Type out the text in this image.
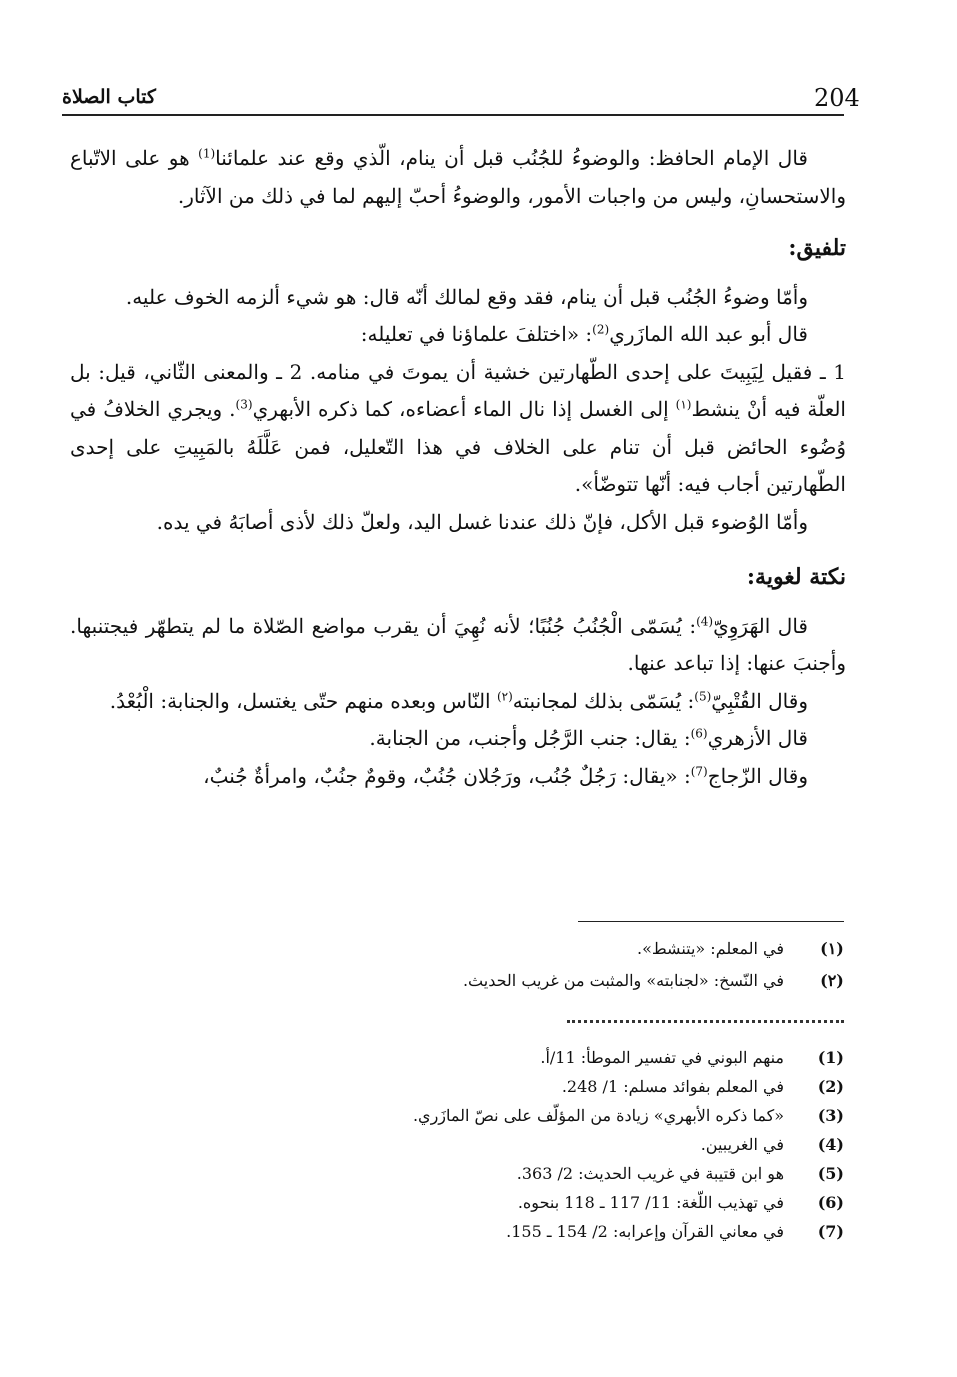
204
كتاب الصلاة

قال الإمام الحافظ: والوضوءُ للجُنُب قبل أن ينام، الّذي وقع عند علمائنا$^{(1)}$ هو على الاتّباع والاستحسانِ، وليس من واجبات الأمور، والوضوءُ أحبّ إليهم لما في ذلك من الآثار.

تلفيق:

وأمّا وضوءُ الجُنُب قبل أن ينام، فقد وقع لمالك أنّه قال: هو شيء ألزمه الخوف عليه.

قال أبو عبد الله المازَري$^{(2)}$: «اختلفَ علماؤنا في تعليله:

1 ـ فقيل لِيَبِيتَ على إحدى الطّهارتين خشية أن يموتَ في منامه. 2 ـ والمعنى الثّاني، قيل: بل العلّة فيه أنْ ينشط$^{(١)}$ إلى الغسل إذا نال الماء أعضاءه، كما ذكره الأبهري$^{(3)}$. ويجري الخلافُ في وُضُوء الحائض قبل أن تنام على الخلاف في هذا التّعليل، فمن عَلَّلَهُ بالمَبِيتِ على إحدى الطّهارتين أجاب فيه: أنّها تتوضّأ».

وأمّا الوُضوء قبل الأكل، فإنّ ذلك عندنا غسل اليد، ولعلّ ذلك لأذى أصابَهُ في يده.

نكتة لغوية:

قال الهَرَوِيّ$^{(4)}$: يُسَمّى الْجُنُبُ جُنُبًا؛ لأنه نُهِيَ أن يقرب مواضع الصّلاة ما لم يتطهّر فيجتنبها. وأجنبَ عنها: إذا تباعد عنها.

وقال القُتْبِيّ$^{(5)}$: يُسَمّى بذلك لمجانبته$^{(٢)}$ النّاس وبعده منهم حتّى يغتسل، والجنابة: الْبُعْدُ.

قال الأزهري$^{(6)}$: يقال: جنب الرَّجُل وأجنب، من الجنابة.

وقال الزّجاج$^{(7)}$: «يقال: رَجُلٌ جُنُب، ورَجُلان جُنُبٌ، وقومٌ جنُبٌ، وامرأةٌ جُنبٌ،

(١)
في المعلم: «يتنشط».
(٢)
في النّسخ: «لجنابته» والمثبت من غريب الحديث.
(1)
منهم البوني في تفسير الموطأ: 11/أ.
(2)
في المعلم بفوائد مسلم: 1/ 248.
(3)
«كما ذكره الأبهري» زيادة من المؤلّف على نصّ المازَري.
(4)
في الغريبين.
(5)
هو ابن قتيبة في غريب الحديث: 2/ 363.
(6)
في تهذيب اللّغة: 11/ 117 ـ 118 بنحوه.
(7)
في معاني القرآن وإعرابه: 2/ 154 ـ 155.
